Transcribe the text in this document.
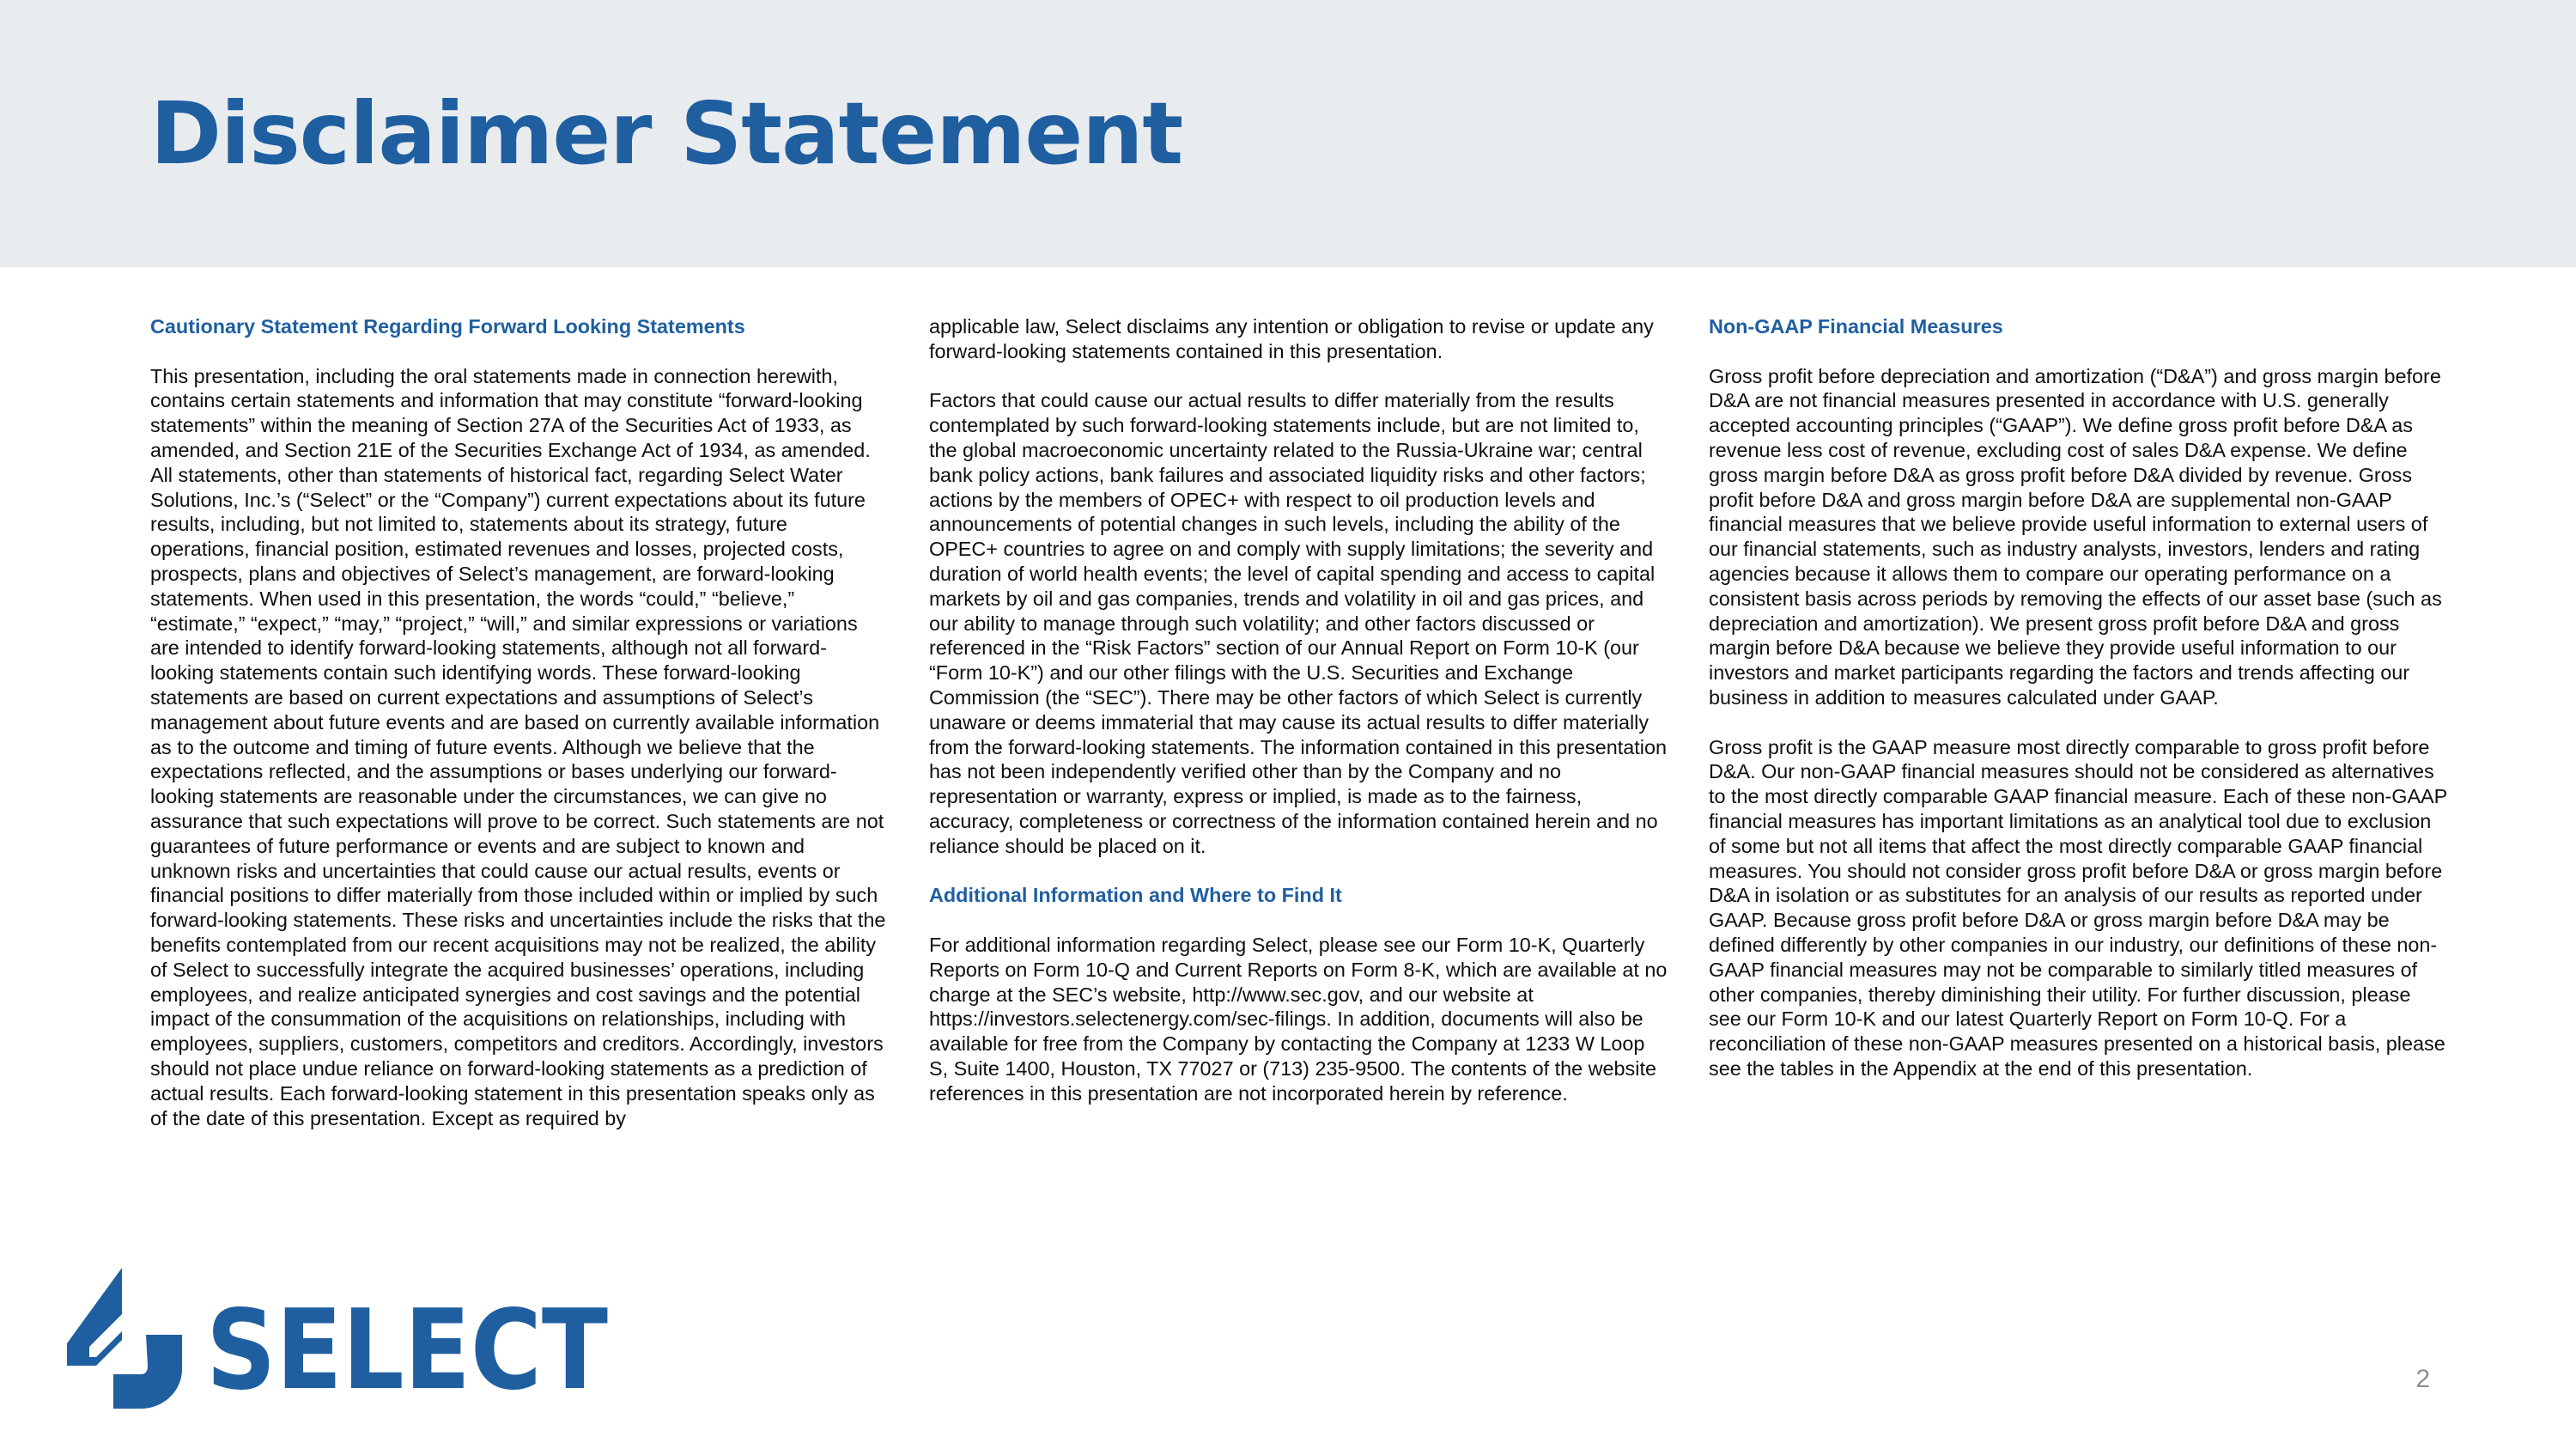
Disclaimer Statement
Cautionary Statement Regarding Forward Looking Statements

This presentation, including the oral statements made in connection herewith, contains certain statements and information that may constitute “forward-looking statements” within the meaning of Section 27A of the Securities Act of 1933, as amended, and Section 21E of the Securities Exchange Act of 1934, as amended. All statements, other than statements of historical fact, regarding Select Water Solutions, Inc.’s (“Select” or the “Company”) current expectations about its future results, including, but not limited to, statements about its strategy, future operations, financial position, estimated revenues and losses, projected costs, prospects, plans and objectives of Select’s management, are forward-looking statements. When used in this presentation, the words “could,” “believe,” “estimate,” “expect,” “may,” “project,” “will,” and similar expressions or variations are intended to identify forward-looking statements, although not all forward-looking statements contain such identifying words. These forward-looking statements are based on current expectations and assumptions of Select’s management about future events and are based on currently available information as to the outcome and timing of future events. Although we believe that the expectations reflected, and the assumptions or bases underlying our forward-looking statements are reasonable under the circumstances, we can give no assurance that such expectations will prove to be correct. Such statements are not guarantees of future performance or events and are subject to known and unknown risks and uncertainties that could cause our actual results, events or financial positions to differ materially from those included within or implied by such forward-looking statements. These risks and uncertainties include the risks that the benefits contemplated from our recent acquisitions may not be realized, the ability of Select to successfully integrate the acquired businesses’ operations, including employees, and realize anticipated synergies and cost savings and the potential impact of the consummation of the acquisitions on relationships, including with employees, suppliers, customers, competitors and creditors. Accordingly, investors should not place undue reliance on forward-looking statements as a prediction of actual results. Each forward-looking statement in this presentation speaks only as of the date of this presentation. Except as required by

applicable law, Select disclaims any intention or obligation to revise or update any forward-looking statements contained in this presentation.

Factors that could cause our actual results to differ materially from the results contemplated by such forward-looking statements include, but are not limited to, the global macroeconomic uncertainty related to the Russia-Ukraine war; central bank policy actions, bank failures and associated liquidity risks and other factors; actions by the members of OPEC+ with respect to oil production levels and announcements of potential changes in such levels, including the ability of the OPEC+ countries to agree on and comply with supply limitations; the severity and duration of world health events; the level of capital spending and access to capital markets by oil and gas companies, trends and volatility in oil and gas prices, and our ability to manage through such volatility; and other factors discussed or referenced in the “Risk Factors” section of our Annual Report on Form 10-K (our “Form 10-K”) and our other filings with the U.S. Securities and Exchange Commission (the “SEC”). There may be other factors of which Select is currently unaware or deems immaterial that may cause its actual results to differ materially from the forward-looking statements. The information contained in this presentation has not been independently verified other than by the Company and no representation or warranty, express or implied, is made as to the fairness, accuracy, completeness or correctness of the information contained herein and no reliance should be placed on it.

Additional Information and Where to Find It

For additional information regarding Select, please see our Form 10-K, Quarterly Reports on Form 10-Q and Current Reports on Form 8-K, which are available at no charge at the SEC’s website, http://www.sec.gov, and our website at https://investors.selectenergy.com/sec-filings. In addition, documents will also be available for free from the Company by contacting the Company at 1233 W Loop S, Suite 1400, Houston, TX 77027 or (713) 235-9500. The contents of the website references in this presentation are not incorporated herein by reference.

Non-GAAP Financial Measures

Gross profit before depreciation and amortization (“D&A”) and gross margin before D&A are not financial measures presented in accordance with U.S. generally accepted accounting principles (“GAAP”). We define gross profit before D&A as revenue less cost of revenue, excluding cost of sales D&A expense. We define gross margin before D&A as gross profit before D&A divided by revenue. Gross profit before D&A and gross margin before D&A are supplemental non-GAAP financial measures that we believe provide useful information to external users of our financial statements, such as industry analysts, investors, lenders and rating agencies because it allows them to compare our operating performance on a consistent basis across periods by removing the effects of our asset base (such as depreciation and amortization). We present gross profit before D&A and gross margin before D&A because we believe they provide useful information to our investors and market participants regarding the factors and trends affecting our business in addition to measures calculated under GAAP.

Gross profit is the GAAP measure most directly comparable to gross profit before D&A. Our non-GAAP financial measures should not be considered as alternatives to the most directly comparable GAAP financial measure. Each of these non-GAAP financial measures has important limitations as an analytical tool due to exclusion of some but not all items that affect the most directly comparable GAAP financial measures. You should not consider gross profit before D&A or gross margin before D&A in isolation or as substitutes for an analysis of our results as reported under GAAP. Because gross profit before D&A or gross margin before D&A may be defined differently by other companies in our industry, our definitions of these non-GAAP financial measures may not be comparable to similarly titled measures of other companies, thereby diminishing their utility. For further discussion, please see our Form 10-K and our latest Quarterly Report on Form 10-Q. For a reconciliation of these non-GAAP measures presented on a historical basis, please see the tables in the Appendix at the end of this presentation.

SELECT	2
